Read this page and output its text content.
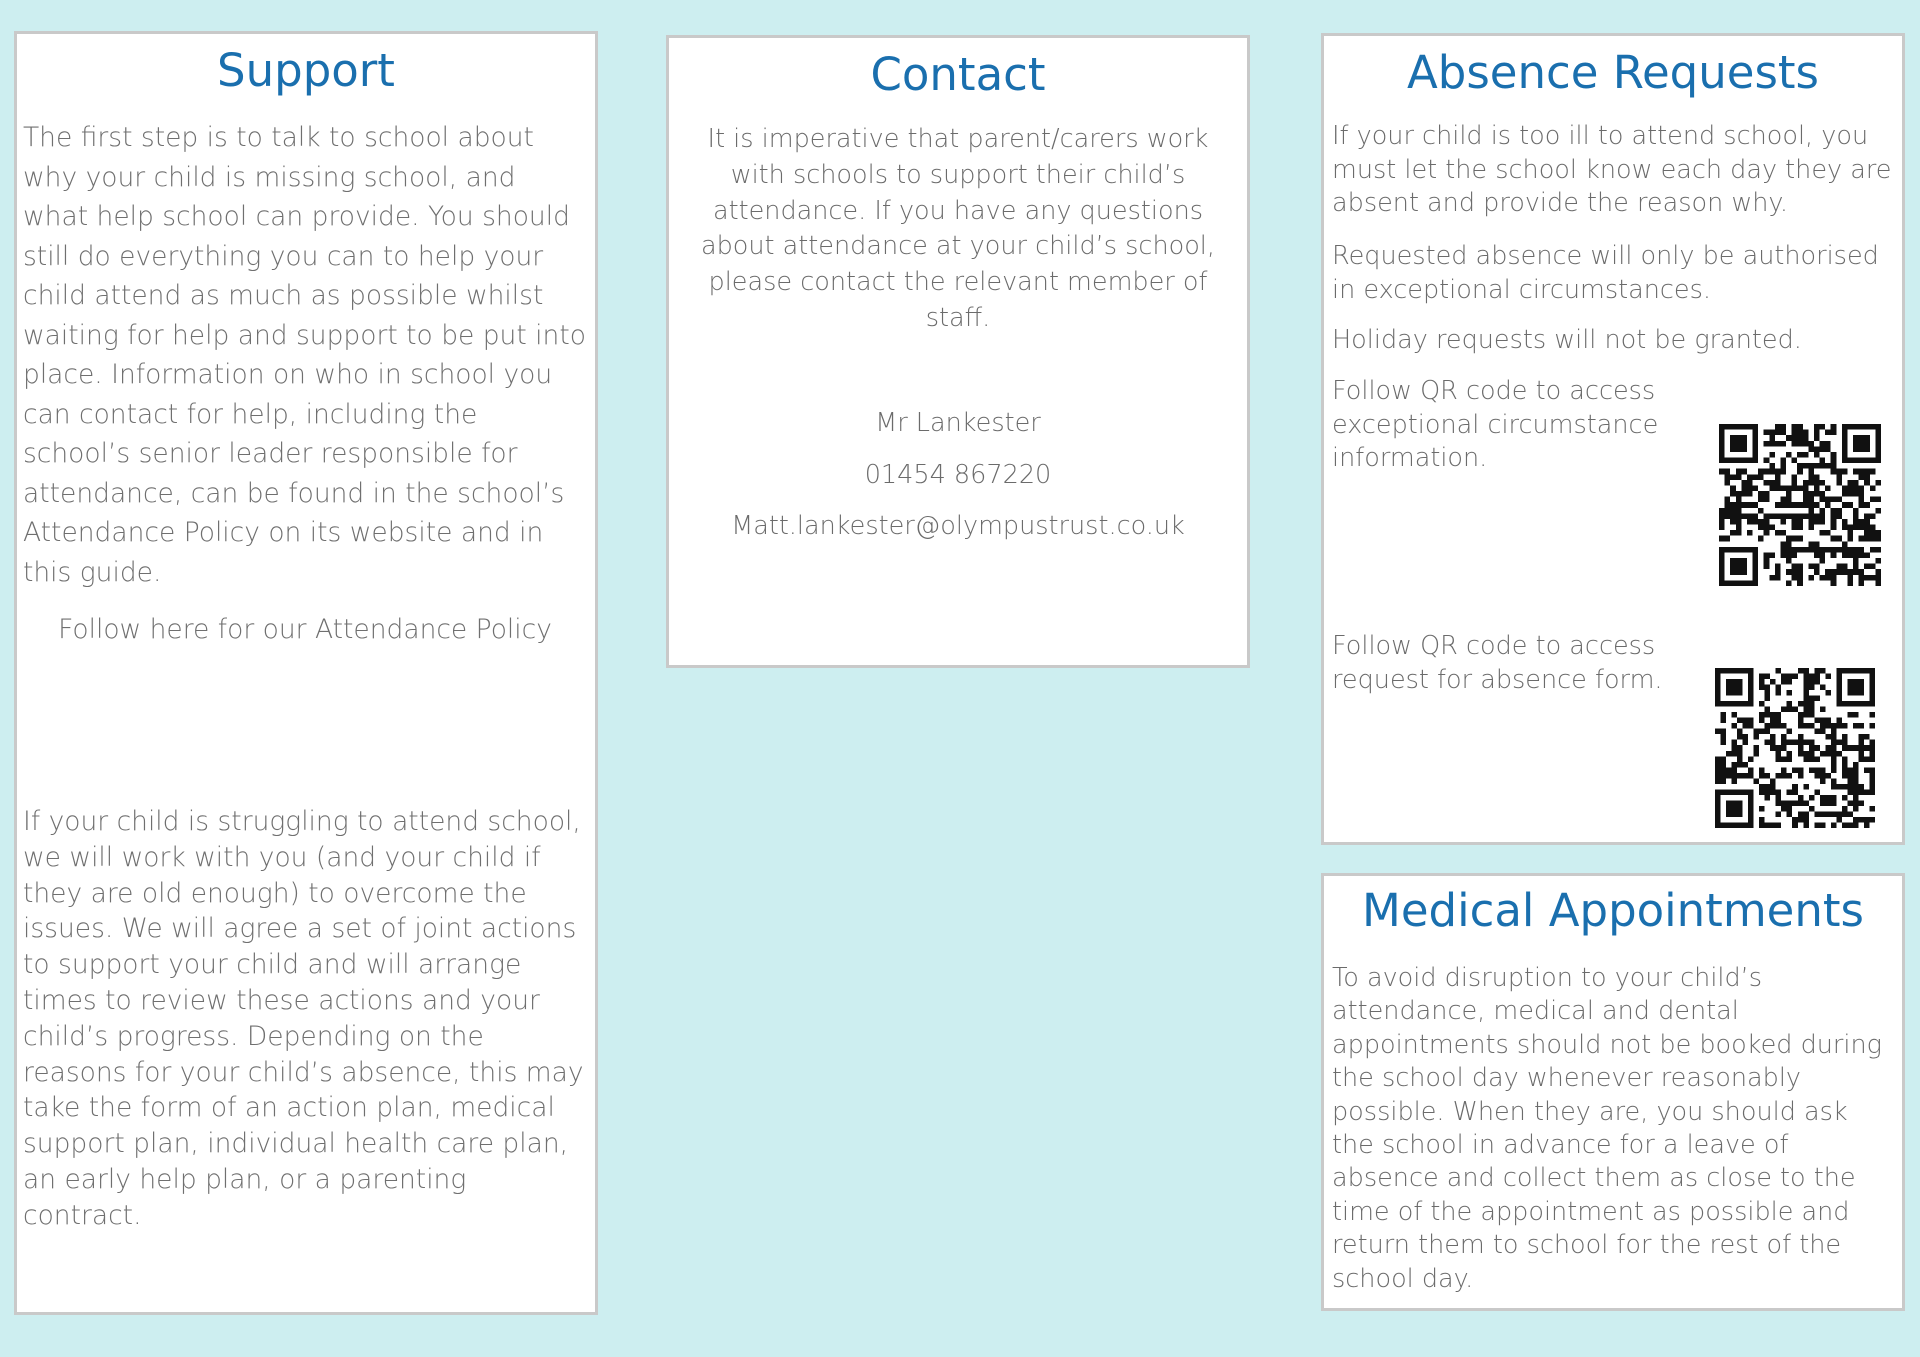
Support

The first step is to talk to school about why your child is missing school, and what help school can provide. You should still do everything you can to help your child attend as much as possible whilst waiting for help and support to be put into place. Information on who in school you can contact for help, including the school’s senior leader responsible for attendance, can be found in the school’s Attendance Policy on its website and in this guide.

Follow here for our Attendance Policy

If your child is struggling to attend school, we will work with you (and your child if they are old enough) to overcome the issues. We will agree a set of joint actions to support your child and will arrange times to review these actions and your child’s progress. Depending on the reasons for your child’s absence, this may take the form of an action plan, medical support plan, individual health care plan, an early help plan, or a parenting contract.

Contact

It is imperative that parent/carers work with schools to support their child’s attendance. If you have any questions about attendance at your child’s school, please contact the relevant member of staff.

Mr Lankester

01454 867220

Matt.lankester@olympustrust.co.uk

Absence Requests

If your child is too ill to attend school, you must let the school know each day they are absent and provide the reason why.

Requested absence will only be authorised in exceptional circumstances.

Holiday requests will not be granted.

Follow QR code to access exceptional circumstance information.

Follow QR code to access request for absence form.

Medical Appointments

To avoid disruption to your child’s attendance, medical and dental appointments should not be booked during the school day whenever reasonably possible. When they are, you should ask the school in advance for a leave of absence and collect them as close to the time of the appointment as possible and return them to school for the rest of the school day.
